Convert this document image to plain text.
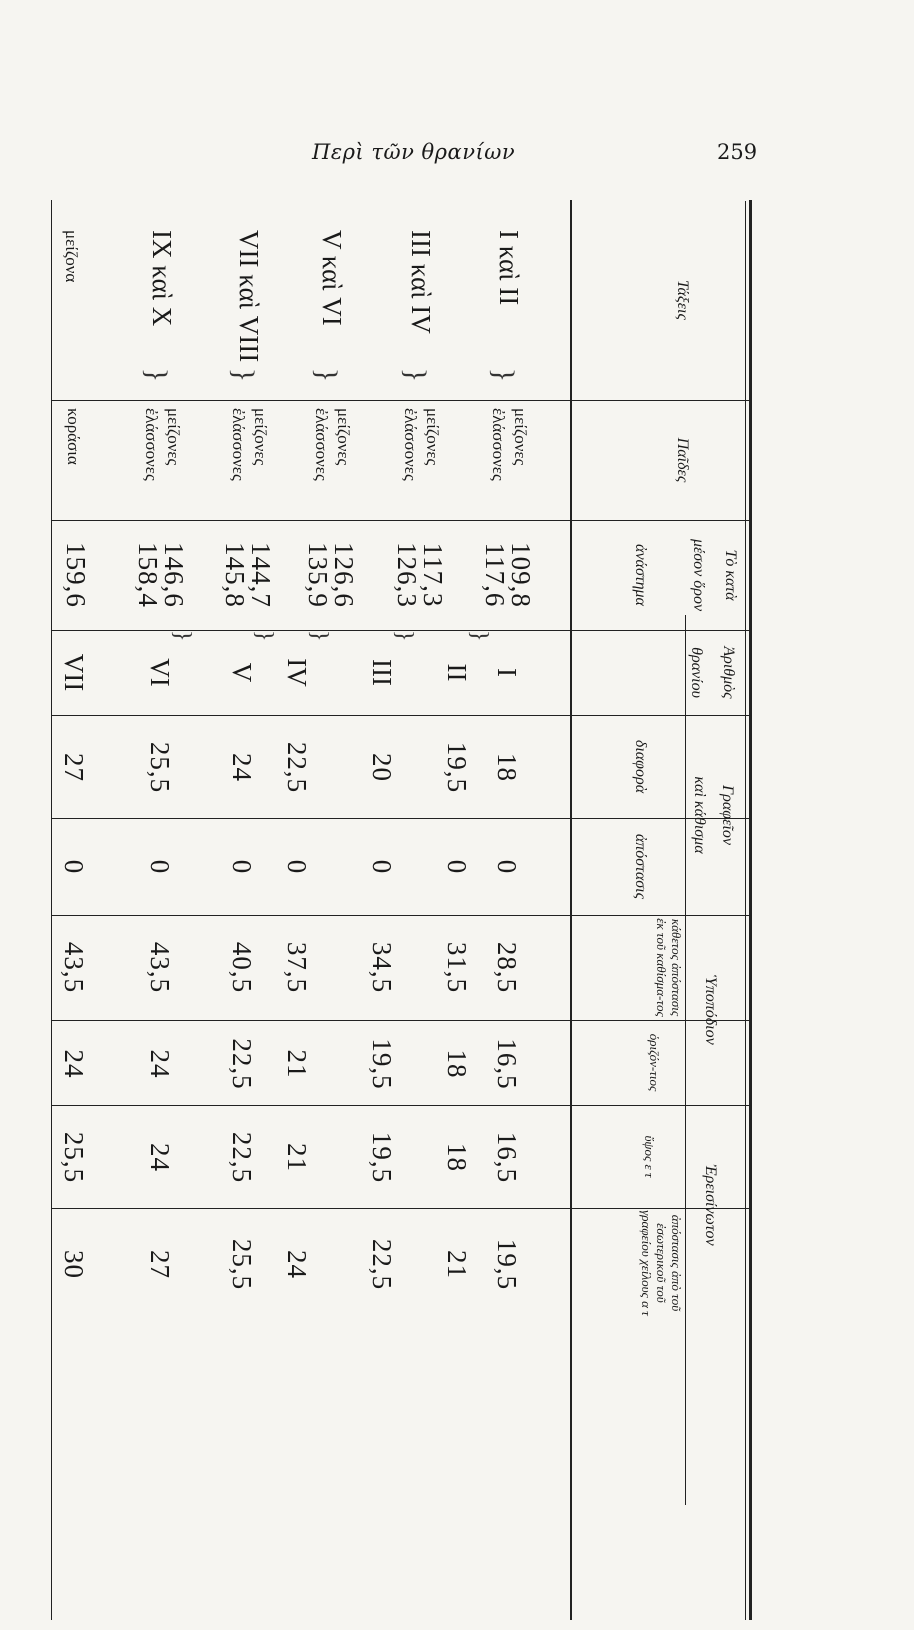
Περὶ τῶν θρανίων	259
Τάξεις
Παῖδες
Τὸ κατὰ
μέσον ὅρον
ἀνάστημα
Ἀριθμὸς
θρανίου
Γραφεῖον
καὶ κάθισμα
διαφορὰ
ἀπόστασις
Ὑποπόδιον
κάθετος ἀπόστασις ἐκ τοῦ καθίσμα-τος
ὁριζόν-τιος
Ἐρεισίνωτον
ὕψος ε τ
ἀπόστασις ἀπὸ τοῦ ἐσωτερικοῦ τοῦ γραφείου χείλους α τ
I καὶ II
}
μείζονες
ἐλάσσονες
109,8
117,6
III καὶ IV
}
μείζονες
ἐλάσσονες
117,3
126,3
V καὶ VI
}
μείζονες
ἐλάσσονες
126,6
135,9
VII καὶ VIII
}
μείζονες
ἐλάσσονες
144,7
145,8
IX καὶ X
}
μείζονες
ἐλάσσονες
146,6
158,4
μείζονα
κοράσια
159,6
I
18
0
28,5
16,5
16,5
19,5
II
}
19,5
0
31,5
18
18
21
III
}
20
0
34,5
19,5
19,5
22,5
IV
}
22,5
0
37,5
21
21
24
V
}
24
0
40,5
22,5
22,5
25,5
VI
}
25,5
0
43,5
24
24
27
VII
27
0
43,5
24
25,5
30
